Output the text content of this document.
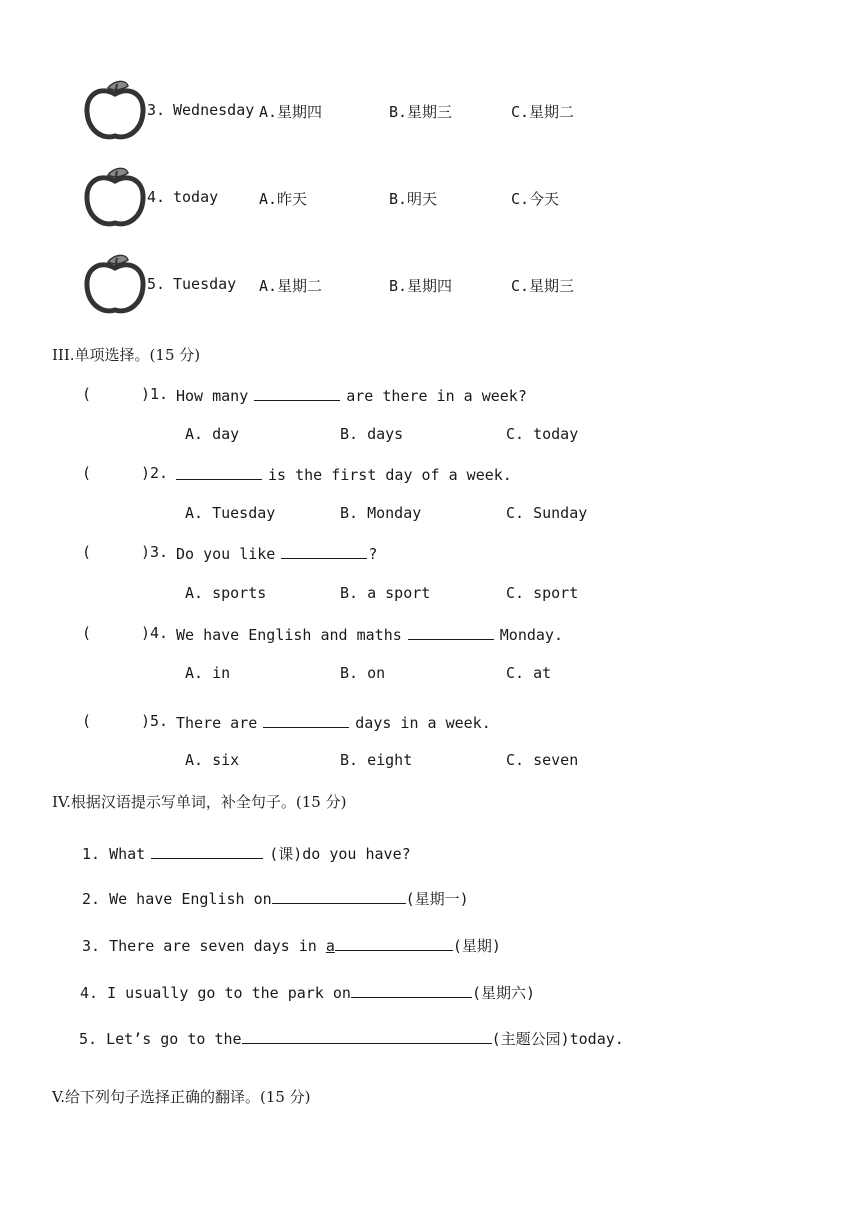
3. Wednesday A.星期四	B.星期三	C.星期二
4. today	A.昨天	B.明天	C.今天
5. Tuesday A.星期二	B.星期四	C.星期三
III.单项选择。(15 分)
(	)1. How many	are there in a week?
A. day	B. days	C. today
(	)2.	is the first day of a week.
A. Tuesday	B. Monday	C. Sunday
(	)3. Do you like	?
A. sports	B. a sport	C. sport
(	)4. We have English and maths	Monday.
A. in	B. on	C. at
(	)5. There are	days in a week.
A. six	B. eight	C. seven
IV.根据汉语提示写单词，补全句子。(15 分)
1. What	(课)do you have?
2. We have English on	(星期一)
3. There are seven days in a	(星期)
4. I usually go to the park on	(星期六)
5. Let’s go to the	(主题公园)today.
V.给下列句子选择正确的翻译。(15 分)
